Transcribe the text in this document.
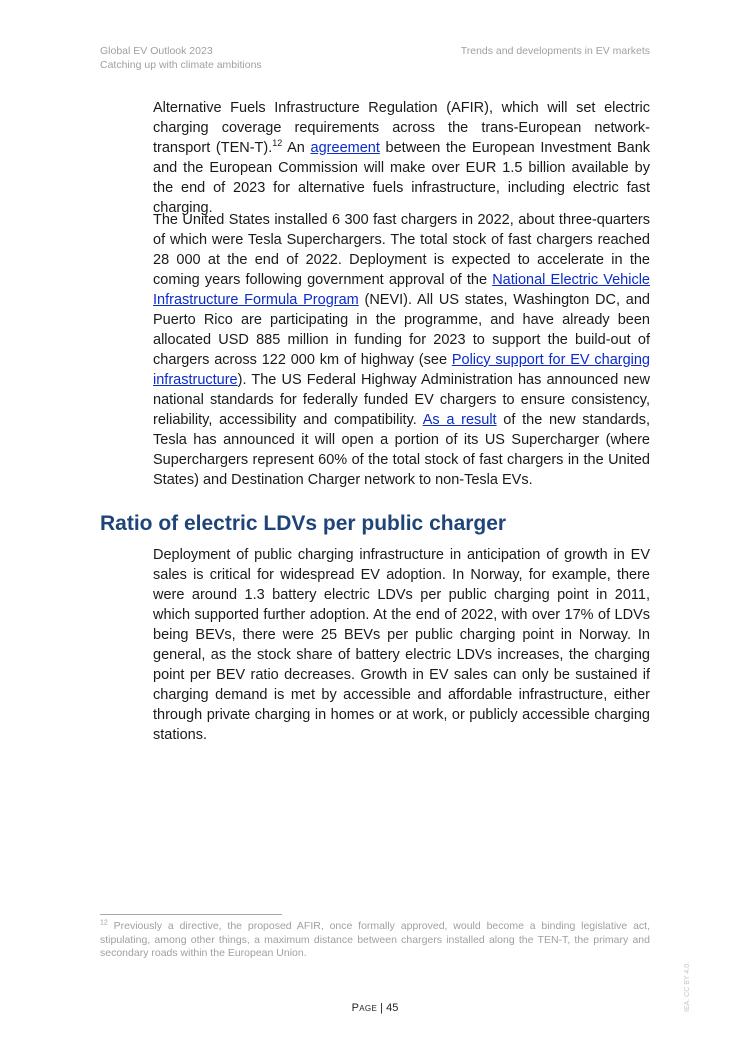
Global EV Outlook 2023
Catching up with climate ambitions
Trends and developments in EV markets

Alternative Fuels Infrastructure Regulation (AFIR), which will set electric charging coverage requirements across the trans-European network-transport (TEN-T).$^{12}$ An agreement between the European Investment Bank and the European Commission will make over EUR 1.5 billion available by the end of 2023 for alternative fuels infrastructure, including electric fast charging.

The United States installed 6 300 fast chargers in 2022, about three-quarters of which were Tesla Superchargers. The total stock of fast chargers reached 28 000 at the end of 2022. Deployment is expected to accelerate in the coming years following government approval of the National Electric Vehicle Infrastructure Formula Program (NEVI). All US states, Washington DC, and Puerto Rico are participating in the programme, and have already been allocated USD 885 million in funding for 2023 to support the build-out of chargers across 122 000 km of highway (see Policy support for EV charging infrastructure). The US Federal Highway Administration has announced new national standards for federally funded EV chargers to ensure consistency, reliability, accessibility and compatibility. As a result of the new standards, Tesla has announced it will open a portion of its US Supercharger (where Superchargers represent 60% of the total stock of fast chargers in the United States) and Destination Charger network to non-Tesla EVs.

Ratio of electric LDVs per public charger

Deployment of public charging infrastructure in anticipation of growth in EV sales is critical for widespread EV adoption. In Norway, for example, there were around 1.3 battery electric LDVs per public charging point in 2011, which supported further adoption. At the end of 2022, with over 17% of LDVs being BEVs, there were 25 BEVs per public charging point in Norway. In general, as the stock share of battery electric LDVs increases, the charging point per BEV ratio decreases. Growth in EV sales can only be sustained if charging demand is met by accessible and affordable infrastructure, either through private charging in homes or at work, or publicly accessible charging stations.

$^{12}$ Previously a directive, the proposed AFIR, once formally approved, would become a binding legislative act, stipulating, among other things, a maximum distance between chargers installed along the TEN-T, the primary and secondary roads within the European Union.

Page | 45	IEA. CC BY 4.0.
